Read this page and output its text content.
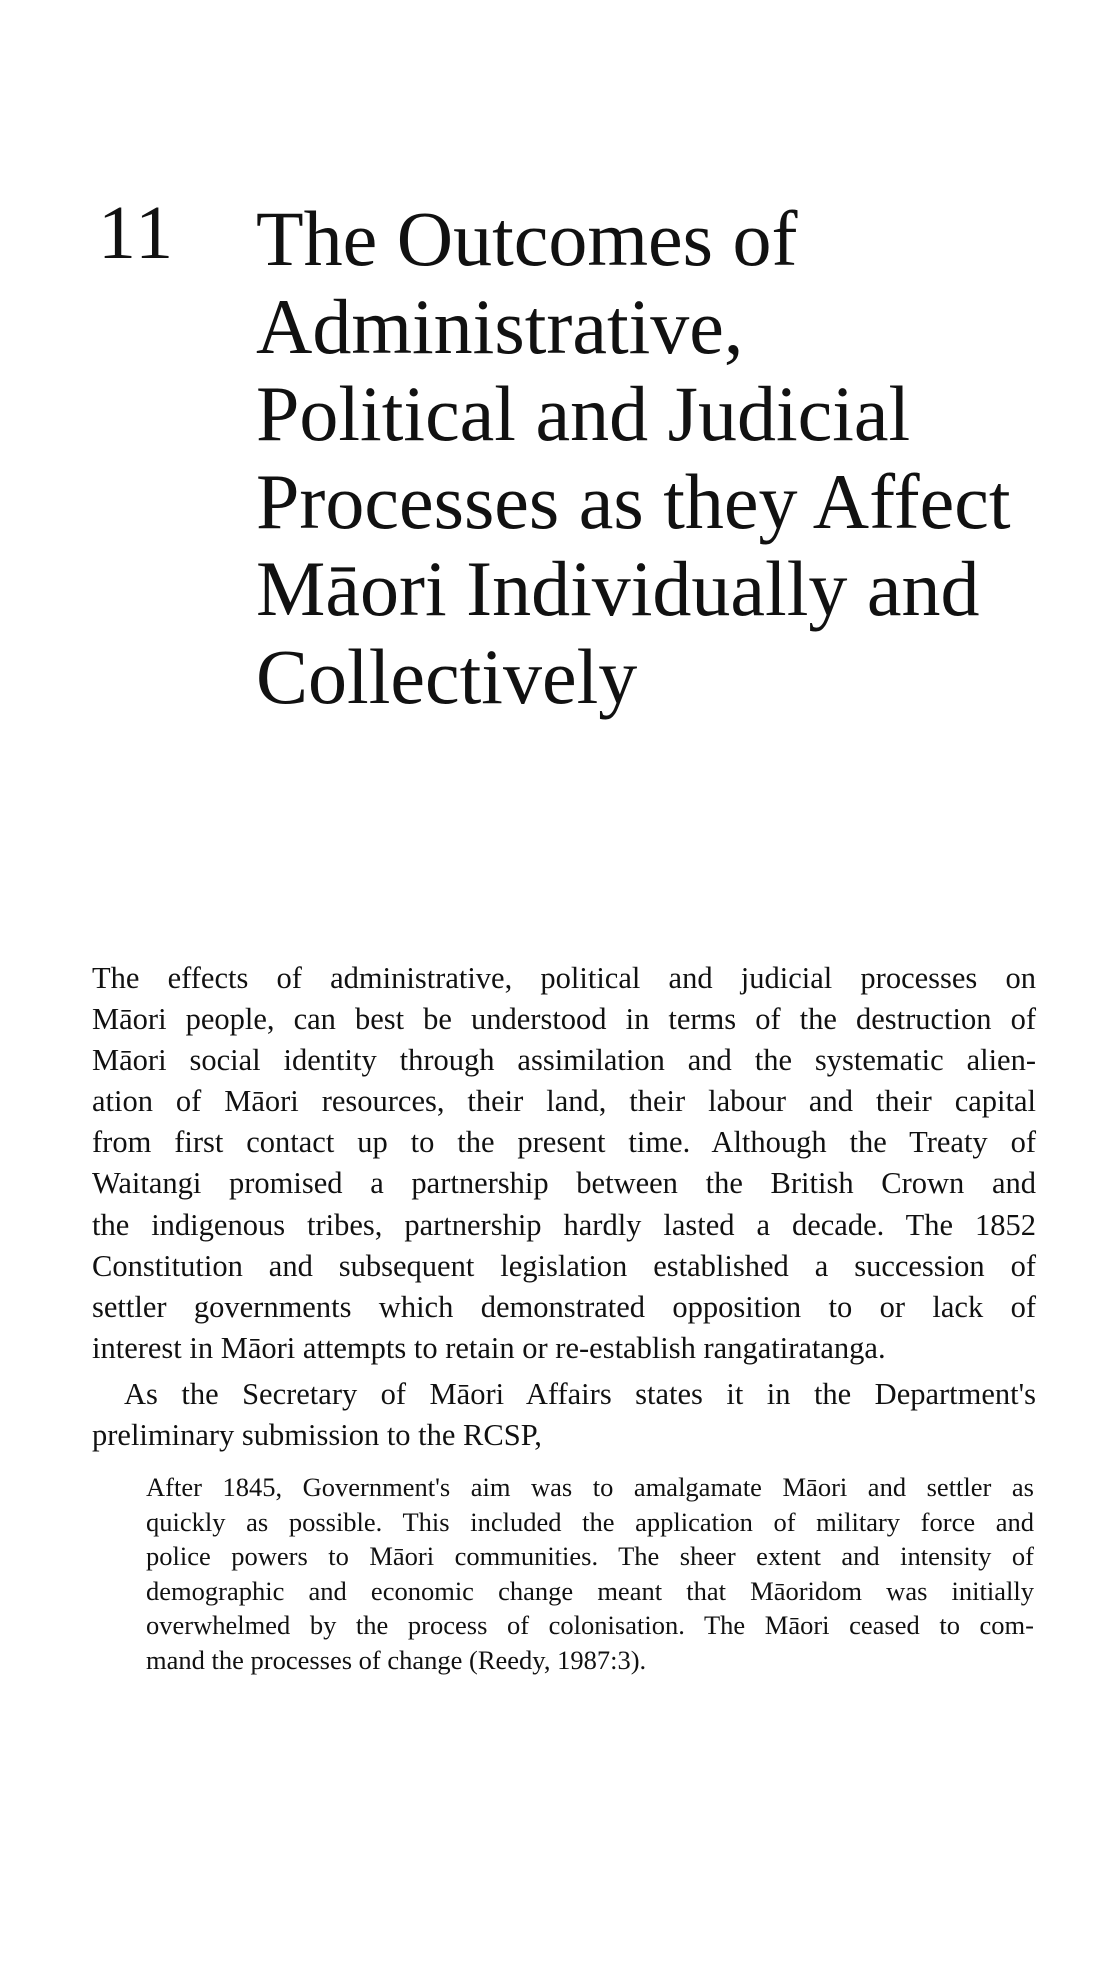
11 The Outcomes of
Administrative,
Political and Judicial
Processes as they Affect
Māori Individually and
Collectively

The effects of administrative, political and judicial processes on
Māori people, can best be understood in terms of the destruction of
Māori social identity through assimilation and the systematic alien-
ation of Māori resources, their land, their labour and their capital
from first contact up to the present time. Although the Treaty of
Waitangi promised a partnership between the British Crown and
the indigenous tribes, partnership hardly lasted a decade. The 1852
Constitution and subsequent legislation established a succession of
settler governments which demonstrated opposition to or lack of
interest in Māori attempts to retain or re-establish rangatiratanga.

As the Secretary of Māori Affairs states it in the Department's
preliminary submission to the RCSP,

After 1845, Government's aim was to amalgamate Māori and settler as
quickly as possible. This included the application of military force and
police powers to Māori communities. The sheer extent and intensity of
demographic and economic change meant that Māoridom was initially
overwhelmed by the process of colonisation. The Māori ceased to com-
mand the processes of change (Reedy, 1987:3).
